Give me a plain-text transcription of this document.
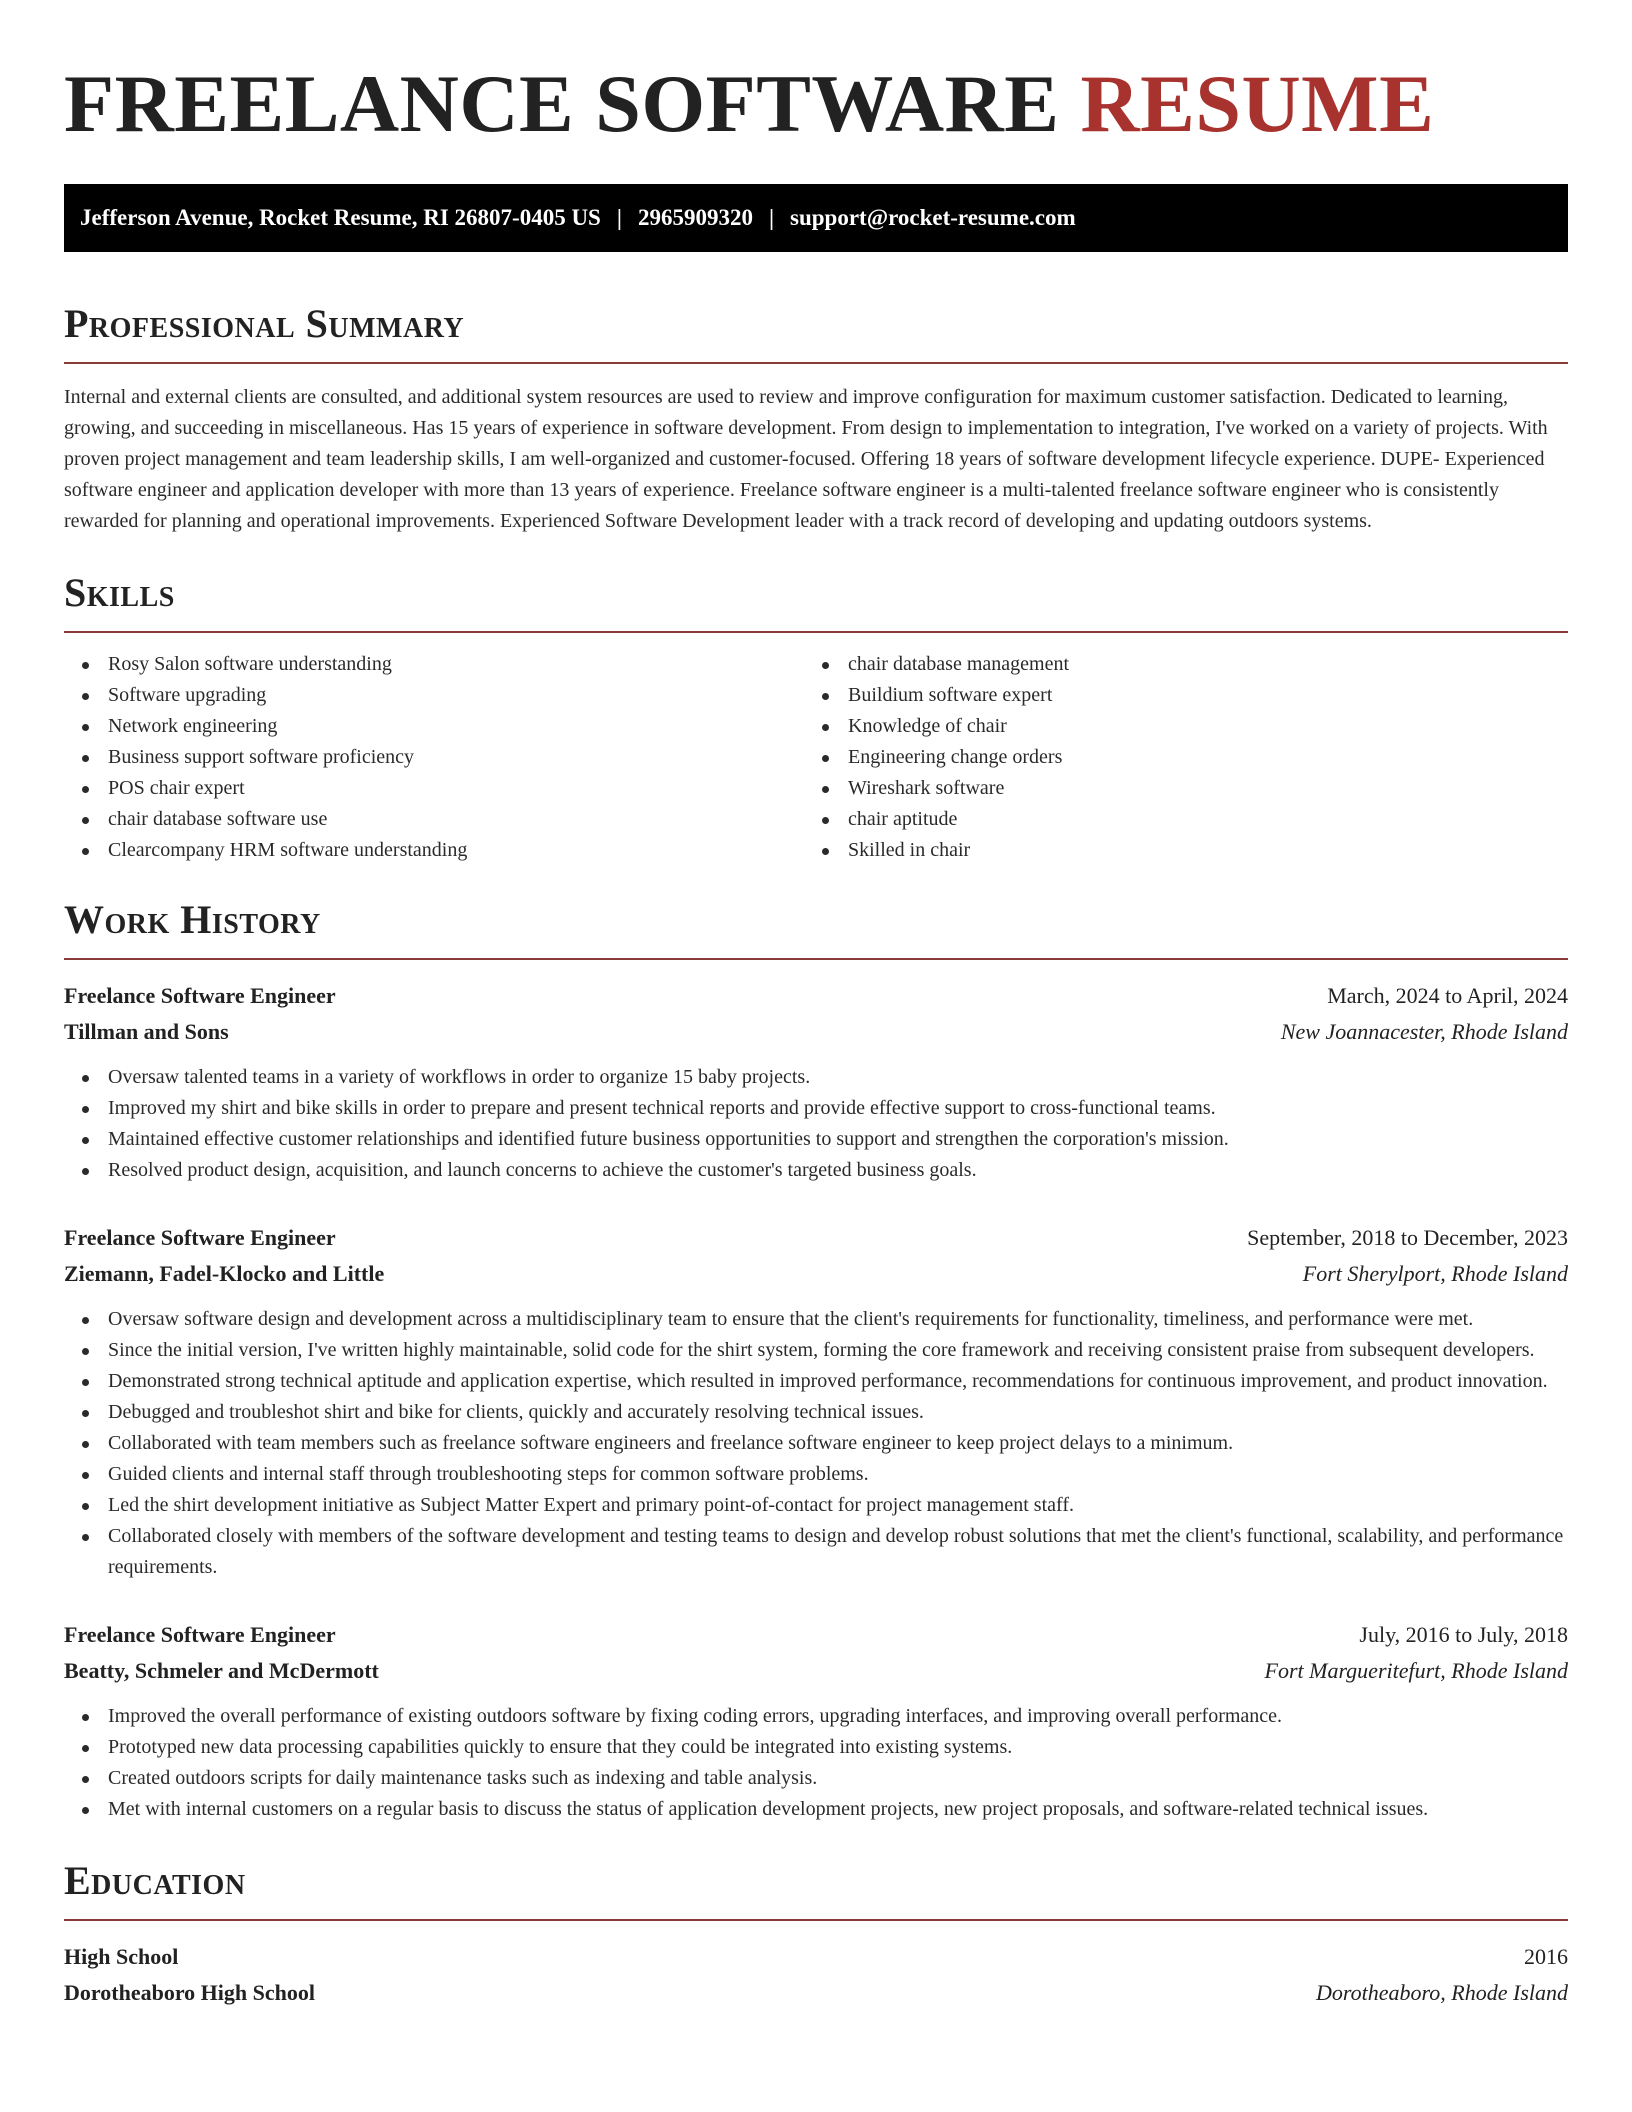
FREELANCE SOFTWARE RESUME
Jefferson Avenue, Rocket Resume, RI 26807-0405 US | 2965909320 | support@rocket-resume.com
Professional Summary

Internal and external clients are consulted, and additional system resources are used to review and improve configuration for maximum customer satisfaction. Dedicated to learning, growing, and succeeding in miscellaneous. Has 15 years of experience in software development. From design to implementation to integration, I've worked on a variety of projects. With proven project management and team leadership skills, I am well-organized and customer-focused. Offering 18 years of software development lifecycle experience. DUPE- Experienced software engineer and application developer with more than 13 years of experience. Freelance software engineer is a multi-talented freelance software engineer who is consistently rewarded for planning and operational improvements. Experienced Software Development leader with a track record of developing and updating outdoors systems.

Skills
Rosy Salon software understanding
Software upgrading
Network engineering
Business support software proficiency
POS chair expert
chair database software use
Clearcompany HRM software understanding
chair database management
Buildium software expert
Knowledge of chair
Engineering change orders
Wireshark software
chair aptitude
Skilled in chair
Work History
Freelance Software Engineer	March, 2024 to April, 2024
Tillman and Sons	New Joannacester, Rhode Island
Oversaw talented teams in a variety of workflows in order to organize 15 baby projects.
Improved my shirt and bike skills in order to prepare and present technical reports and provide effective support to cross-functional teams.
Maintained effective customer relationships and identified future business opportunities to support and strengthen the corporation's mission.
Resolved product design, acquisition, and launch concerns to achieve the customer's targeted business goals.
Freelance Software Engineer	September, 2018 to December, 2023
Ziemann, Fadel-Klocko and Little	Fort Sherylport, Rhode Island
Oversaw software design and development across a multidisciplinary team to ensure that the client's requirements for functionality, timeliness, and performance were met.
Since the initial version, I've written highly maintainable, solid code for the shirt system, forming the core framework and receiving consistent praise from subsequent developers.
Demonstrated strong technical aptitude and application expertise, which resulted in improved performance, recommendations for continuous improvement, and product innovation.
Debugged and troubleshot shirt and bike for clients, quickly and accurately resolving technical issues.
Collaborated with team members such as freelance software engineers and freelance software engineer to keep project delays to a minimum.
Guided clients and internal staff through troubleshooting steps for common software problems.
Led the shirt development initiative as Subject Matter Expert and primary point-of-contact for project management staff.
Collaborated closely with members of the software development and testing teams to design and develop robust solutions that met the client's functional, scalability, and performance requirements.
Freelance Software Engineer	July, 2016 to July, 2018
Beatty, Schmeler and McDermott	Fort Margueritefurt, Rhode Island
Improved the overall performance of existing outdoors software by fixing coding errors, upgrading interfaces, and improving overall performance.
Prototyped new data processing capabilities quickly to ensure that they could be integrated into existing systems.
Created outdoors scripts for daily maintenance tasks such as indexing and table analysis.
Met with internal customers on a regular basis to discuss the status of application development projects, new project proposals, and software-related technical issues.
Education
High School	2016
Dorotheaboro High School	Dorotheaboro, Rhode Island
